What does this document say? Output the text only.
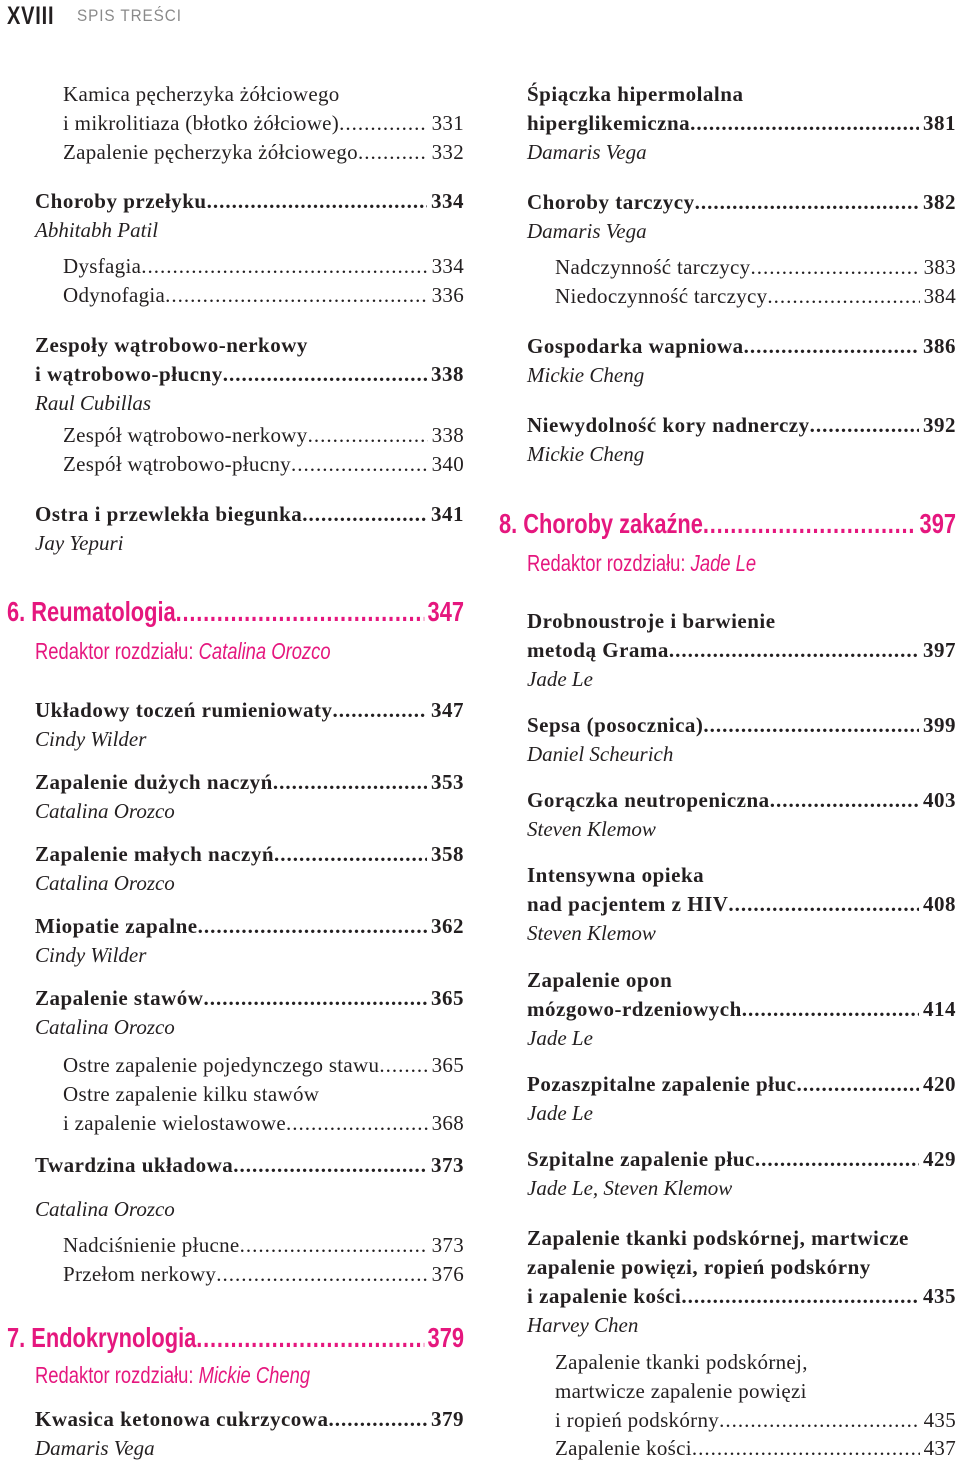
XVIII SPIS TREŚCI
Kamica pęcherzyka żółciowego
i mikrolitiaza (błotko żółciowe) .....	331
Zapalenie pęcherzyka żółciowego .....	332
Choroby przełyku .....	334
Abhitabh Patil
Dysfagia .....	334
Odynofagia .....	336
Zespoły wątrobowo-nerkowy
i wątrobowo-płucny .....	338
Raul Cubillas
Zespół wątrobowo-nerkowy .....	338
Zespół wątrobowo-płucny .....	340
Ostra i przewlekła biegunka .....	341
Jay Yepuri
6. Reumatologia .....	347
Redaktor rozdziału: Catalina Orozco
Układowy toczeń rumieniowaty .....	347
Cindy Wilder
Zapalenie dużych naczyń .....	353
Catalina Orozco
Zapalenie małych naczyń .....	358
Catalina Orozco
Miopatie zapalne .....	362
Cindy Wilder
Zapalenie stawów .....	365
Catalina Orozco
Ostre zapalenie pojedynczego stawu ..... 365
Ostre zapalenie kilku stawów
i zapalenie wielostawowe .....	368
Twardzina układowa .....	373
Catalina Orozco
Nadciśnienie płucne .....	373
Przełom nerkowy .....	376
7. Endokrynologia .....	379
Redaktor rozdziału: Mickie Cheng
Kwasica ketonowa cukrzycowa .....	379
Damaris Vega
Śpiączka hipermolalna
hiperglikemiczna .....	381
Damaris Vega
Choroby tarczycy .....	382
Damaris Vega
Nadczynność tarczycy .....	383
Niedoczynność tarczycy .....	384
Gospodarka wapniowa .....	386
Mickie Cheng
Niewydolność kory nadnerczy .....	392
Mickie Cheng
8. Choroby zakaźne .....	397
Redaktor rozdziału: Jade Le
Drobnoustroje i barwienie
metodą Grama .....	397
Jade Le
Sepsa (posocznica) .....	399
Daniel Scheurich
Gorączka neutropeniczna .....	403
Steven Klemow
Intensywna opieka
nad pacjentem z HIV .....	408
Steven Klemow
Zapalenie opon
mózgowo-rdzeniowych .....	414
Jade Le
Pozaszpitalne zapalenie płuc .....	420
Jade Le
Szpitalne zapalenie płuc .....	429
Jade Le, Steven Klemow
Zapalenie tkanki podskórnej, martwicze
zapalenie powięzi, ropień podskórny
i zapalenie kości .....	435
Harvey Chen
Zapalenie tkanki podskórnej,
martwicze zapalenie powięzi
i ropień podskórny .....	435
Zapalenie kości .....	437
